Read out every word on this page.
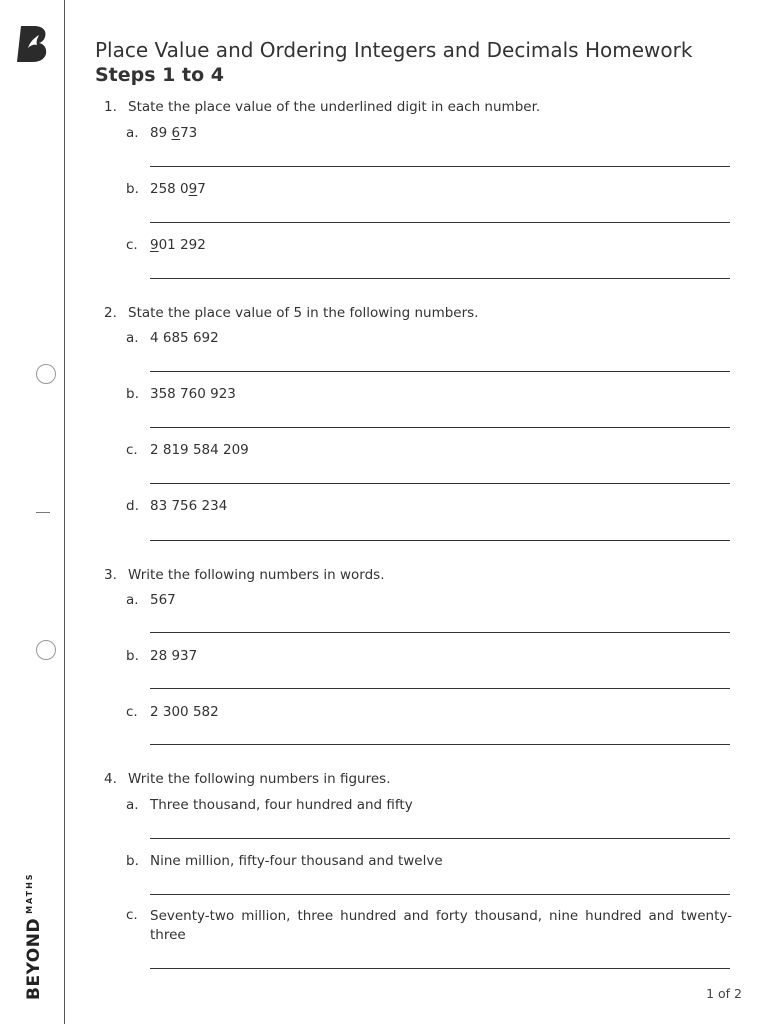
$BEYOND^{MATHS}$
Place Value and Ordering Integers and Decimals Homework
Steps 1 to 4
1. State the place value of the underlined digit in each number.
a. 89 673
b. 258 097
c. 901 292
2. State the place value of 5 in the following numbers.
a. 4 685 692
b. 358 760 923
c. 2 819 584 209
d. 83 756 234
3. Write the following numbers in words.
a. 567
b. 28 937
c. 2 300 582
4. Write the following numbers in figures.
a. Three thousand, four hundred and fifty
b. Nine million, fifty-four thousand and twelve
c. Seventy-two million, three hundred and forty thousand, nine hundred and twenty-three
1 of 2
